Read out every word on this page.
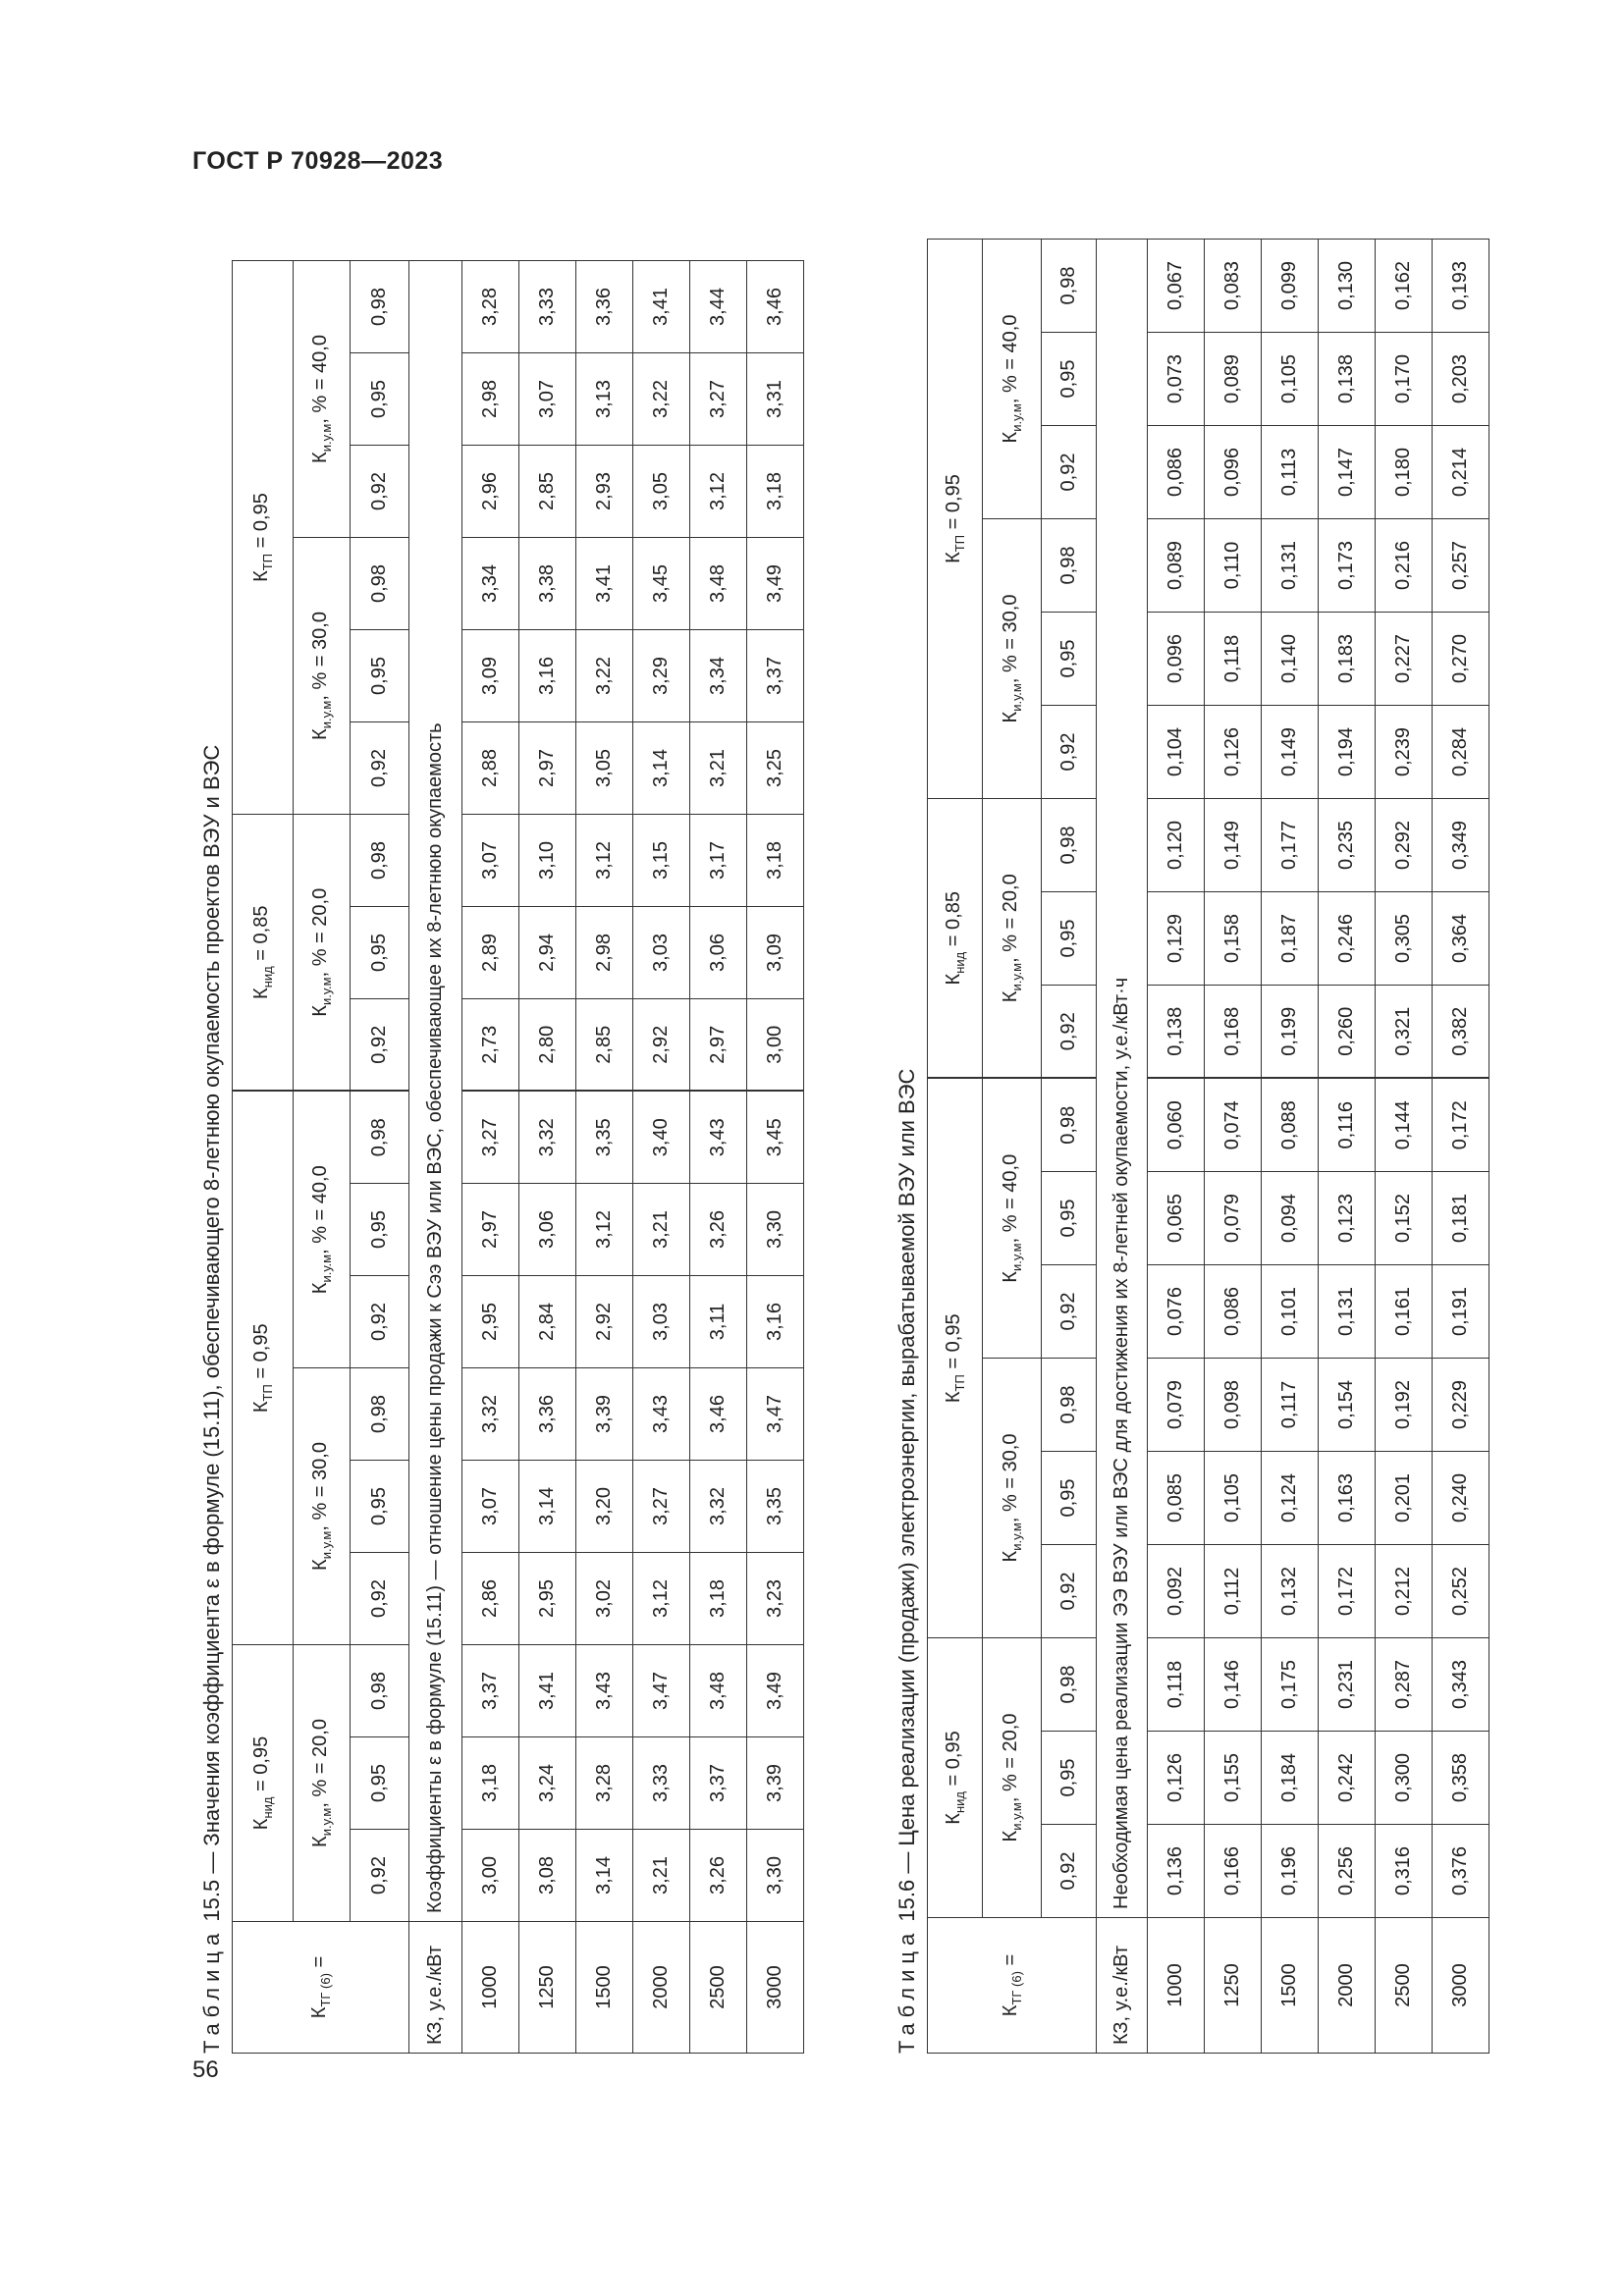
ГОСТ Р 70928—2023
56
Таблица 15.5 — Значения коэффициента ε в формуле (15.11), обеспечивающего 8-летнюю окупаемость проектов ВЭУ и ВЭС
$К_{ТГ (6)}$ =	$К_{нид} = 0,95$			$К_{ТП} = 0,95$						$К_{нид} = 0,85$			$К_{ТП} = 0,95$					
	$К_{и.у.м}$, % = 20,0			$К_{и.у.м}$, % = 30,0			$К_{и.у.м}$, % = 40,0			$К_{и.у.м}$, % = 20,0			$К_{и.у.м}$, % = 30,0			$К_{и.у.м}$, % = 40,0		
	0,92	0,95	0,98	0,92	0,95	0,98	0,92	0,95	0,98	0,92	0,95	0,98	0,92	0,95	0,98	0,92	0,95	0,98
КЗ, у.е./кВт	Коэффициенты ε в формуле (15.11) — отношение цены продажи к Cээ ВЭУ или ВЭС, обеспечивающее их 8-летнюю окупаемость																	
1000	3,00	3,18	3,37	2,86	3,07	3,32	2,95	2,97	3,27	2,73	2,89	3,07	2,88	3,09	3,34	2,96	2,98	3,28
1250	3,08	3,24	3,41	2,95	3,14	3,36	2,84	3,06	3,32	2,80	2,94	3,10	2,97	3,16	3,38	2,85	3,07	3,33
1500	3,14	3,28	3,43	3,02	3,20	3,39	2,92	3,12	3,35	2,85	2,98	3,12	3,05	3,22	3,41	2,93	3,13	3,36
2000	3,21	3,33	3,47	3,12	3,27	3,43	3,03	3,21	3,40	2,92	3,03	3,15	3,14	3,29	3,45	3,05	3,22	3,41
2500	3,26	3,37	3,48	3,18	3,32	3,46	3,11	3,26	3,43	2,97	3,06	3,17	3,21	3,34	3,48	3,12	3,27	3,44
3000	3,30	3,39	3,49	3,23	3,35	3,47	3,16	3,30	3,45	3,00	3,09	3,18	3,25	3,37	3,49	3,18	3,31	3,46
Таблица 15.6 — Цена реализации (продажи) электроэнергии, вырабатываемой ВЭУ или ВЭС
$К_{ТГ (6)}$ =	$К_{нид} = 0,95$			$К_{ТП} = 0,95$						$К_{нид} = 0,85$			$К_{ТП} = 0,95$					
	$К_{и.у.м}$, % = 20,0			$К_{и.у.м}$, % = 30,0			$К_{и.у.м}$, % = 40,0			$К_{и.у.м}$, % = 20,0			$К_{и.у.м}$, % = 30,0			$К_{и.у.м}$, % = 40,0		
	0,92	0,95	0,98	0,92	0,95	0,98	0,92	0,95	0,98	0,92	0,95	0,98	0,92	0,95	0,98	0,92	0,95	0,98
КЗ, у.е./кВт	Необходимая цена реализации ЭЭ ВЭУ или ВЭС для достижения их 8-летней окупаемости, у.е./кВт·ч																	
1000	0,136	0,126	0,118	0,092	0,085	0,079	0,076	0,065	0,060	0,138	0,129	0,120	0,104	0,096	0,089	0,086	0,073	0,067
1250	0,166	0,155	0,146	0,112	0,105	0,098	0,086	0,079	0,074	0,168	0,158	0,149	0,126	0,118	0,110	0,096	0,089	0,083
1500	0,196	0,184	0,175	0,132	0,124	0,117	0,101	0,094	0,088	0,199	0,187	0,177	0,149	0,140	0,131	0,113	0,105	0,099
2000	0,256	0,242	0,231	0,172	0,163	0,154	0,131	0,123	0,116	0,260	0,246	0,235	0,194	0,183	0,173	0,147	0,138	0,130
2500	0,316	0,300	0,287	0,212	0,201	0,192	0,161	0,152	0,144	0,321	0,305	0,292	0,239	0,227	0,216	0,180	0,170	0,162
3000	0,376	0,358	0,343	0,252	0,240	0,229	0,191	0,181	0,172	0,382	0,364	0,349	0,284	0,270	0,257	0,214	0,203	0,193
